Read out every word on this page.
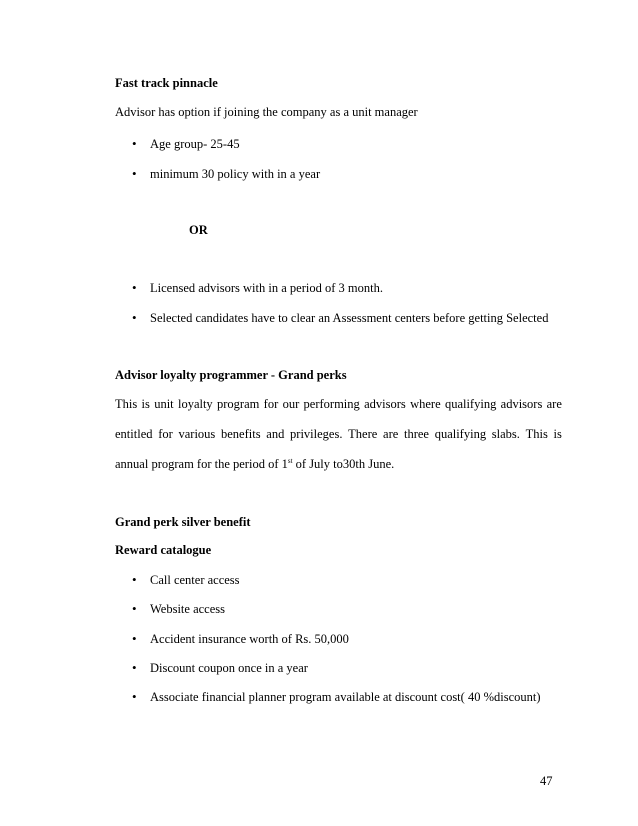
Fast track pinnacle
Advisor has option if joining the company as a unit manager
• Age group- 25-45
• minimum 30 policy with in a year
OR
• Licensed advisors with in a period of 3 month.
• Selected candidates have to clear an Assessment centers before getting Selected
Advisor loyalty programmer - Grand perks
This is unit loyalty program for our performing advisors where qualifying advisors are
entitled for various benefits and privileges. There are three qualifying slabs. This is
annual program for the period of 1st of July to30th June.
Grand perk silver benefit
Reward catalogue
• Call center access
• Website access
• Accident insurance worth of Rs. 50,000
• Discount coupon once in a year
• Associate financial planner program available at discount cost( 40 %discount)
47
